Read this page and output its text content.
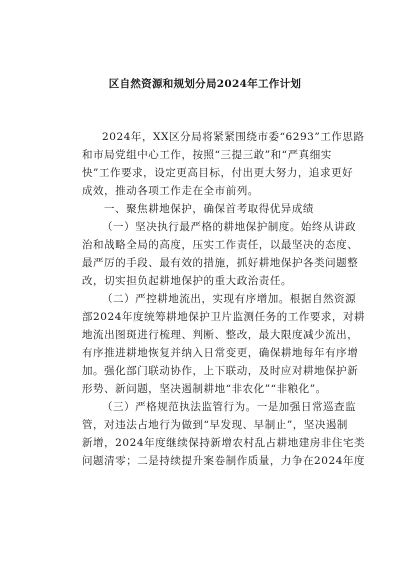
区自然资源和规划分局2024年工作计划
2024年，XX区分局将紧紧围绕市委“6293”工作思路
和市局党组中心工作，按照“三提三敢”和“严真细实
快”工作要求，设定更高目标，付出更大努力，追求更好
成效，推动各项工作走在全市前列。
一、聚焦耕地保护，确保首考取得优异成绩
（一）坚决执行最严格的耕地保护制度。始终从讲政
治和战略全局的高度，压实工作责任，以最坚决的态度、
最严厉的手段、最有效的措施，抓好耕地保护各类问题整
改，切实担负起耕地保护的重大政治责任。
（二）严控耕地流出，实现有序增加。根据自然资源
部2024年度统筹耕地保护卫片监测任务的工作要求，对耕
地流出图斑进行梳理、判断、整改，最大限度减少流出，
有序推进耕地恢复并纳入日常变更，确保耕地每年有序增
加。强化部门联动协作，上下联动，及时应对耕地保护新
形势、新问题，坚决遏制耕地“非农化”“非粮化”。
（三）严格规范执法监管行为。一是加强日常巡查监
管，对违法占地行为做到“早发现、早制止”，坚决遏制
新增，2024年度继续保持新增农村乱占耕地建房非住宅类
问题清零；二是持续提升案卷制作质量，力争在2024年度
